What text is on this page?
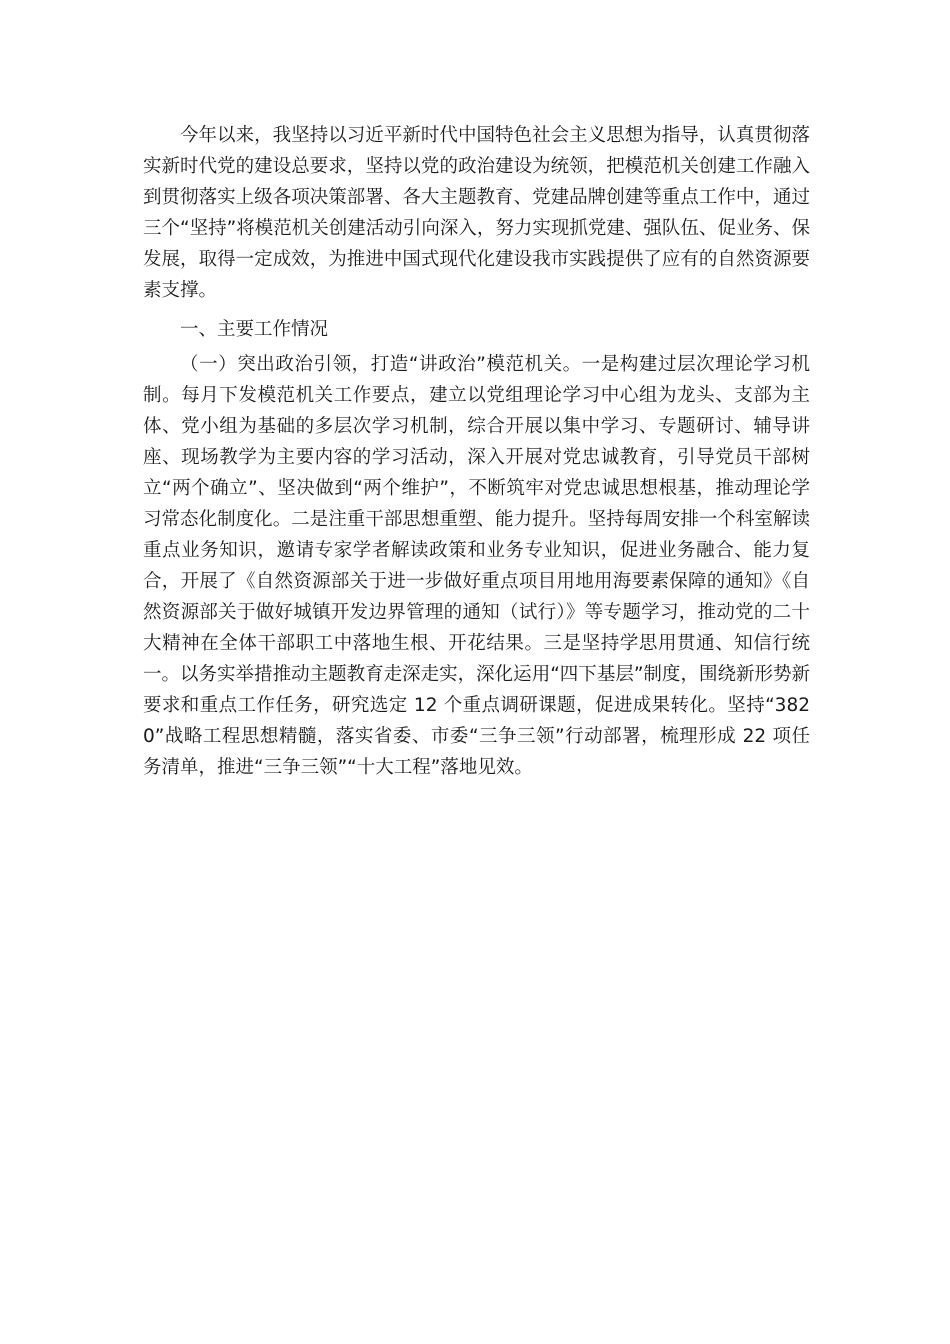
今年以来，我坚持以习近平新时代中国特色社会主义思想为指导，认真贯彻落实新时代党的建设总要求，坚持以党的政治建设为统领，把模范机关创建工作融入到贯彻落实上级各项决策部署、各大主题教育、党建品牌创建等重点工作中，通过三个“坚持”将模范机关创建活动引向深入，努力实现抓党建、强队伍、促业务、保发展，取得一定成效，为推进中国式现代化建设我市实践提供了应有的自然资源要素支撑。

一、主要工作情况

（一）突出政治引领，打造“讲政治”模范机关。一是构建过层次理论学习机制。每月下发模范机关工作要点，建立以党组理论学习中心组为龙头、支部为主体、党小组为基础的多层次学习机制，综合开展以集中学习、专题研讨、辅导讲座、现场教学为主要内容的学习活动，深入开展对党忠诚教育，引导党员干部树立“两个确立”、坚决做到“两个维护”，不断筑牢对党忠诚思想根基，推动理论学习常态化制度化。二是注重干部思想重塑、能力提升。坚持每周安排一个科室解读重点业务知识，邀请专家学者解读政策和业务专业知识，促进业务融合、能力复合，开展了《自然资源部关于进一步做好重点项目用地用海要素保障的通知》《自然资源部关于做好城镇开发边界管理的通知（试行）》等专题学习，推动党的二十大精神在全体干部职工中落地生根、开花结果。三是坚持学思用贯通、知信行统一。以务实举措推动主题教育走深走实，深化运用“四下基层”制度，围绕新形势新要求和重点工作任务，研究选定 12 个重点调研课题，促进成果转化。坚持“3820”战略工程思想精髓，落实省委、市委“三争三领”行动部署，梳理形成 22 项任务清单，推进“三争三领”“十大工程”落地见效。
